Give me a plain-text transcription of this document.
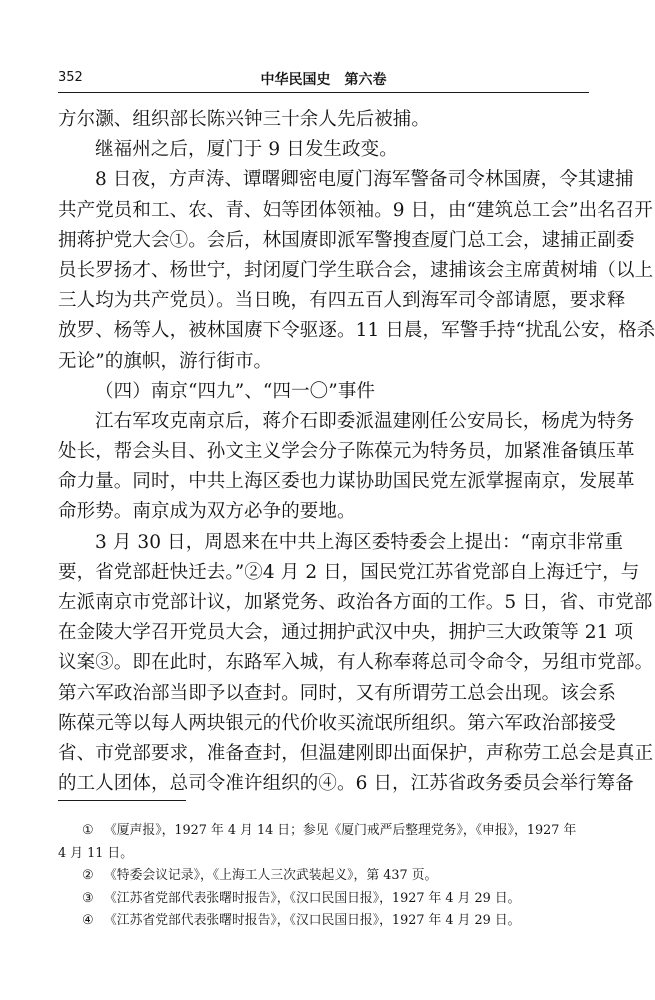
352	中华民国史　第六卷
方尔灏、组织部长陈兴钟三十余人先后被捕。
继福州之后，厦门于 9 日发生政变。
8 日夜，方声涛、谭曙卿密电厦门海军警备司令林国赓，令其逮捕
共产党员和工、农、青、妇等团体领袖。9 日，由“建筑总工会”出名召开
拥蒋护党大会①。会后，林国赓即派军警搜查厦门总工会，逮捕正副委
员长罗扬才、杨世宁，封闭厦门学生联合会，逮捕该会主席黄树埔（以上
三人均为共产党员）。当日晚，有四五百人到海军司令部请愿，要求释
放罗、杨等人，被林国赓下令驱逐。11 日晨，军警手持“扰乱公安，格杀
无论”的旗帜，游行街市。
（四）南京“四九”、“四一〇”事件
江右军攻克南京后，蒋介石即委派温建刚任公安局长，杨虎为特务
处长，帮会头目、孙文主义学会分子陈葆元为特务员，加紧准备镇压革
命力量。同时，中共上海区委也力谋协助国民党左派掌握南京，发展革
命形势。南京成为双方必争的要地。
3 月 30 日，周恩来在中共上海区委特委会上提出：“南京非常重
要，省党部赶快迁去。”②4 月 2 日，国民党江苏省党部自上海迁宁，与
左派南京市党部计议，加紧党务、政治各方面的工作。5 日，省、市党部
在金陵大学召开党员大会，通过拥护武汉中央，拥护三大政策等 21 项
议案③。即在此时，东路军入城，有人称奉蒋总司令命令，另组市党部。
第六军政治部当即予以查封。同时，又有所谓劳工总会出现。该会系
陈葆元等以每人两块银元的代价收买流氓所组织。第六军政治部接受
省、市党部要求，准备查封，但温建刚即出面保护，声称劳工总会是真正
的工人团体，总司令准许组织的④。6 日，江苏省政务委员会举行筹备
① 《厦声报》，1927 年 4 月 14 日；参见《厦门戒严后整理党务》，《申报》，1927 年
4 月 11 日。
② 《特委会议记录》，《上海工人三次武装起义》，第 437 页。
③ 《江苏省党部代表张曙时报告》，《汉口民国日报》，1927 年 4 月 29 日。
④ 《江苏省党部代表张曙时报告》，《汉口民国日报》，1927 年 4 月 29 日。
